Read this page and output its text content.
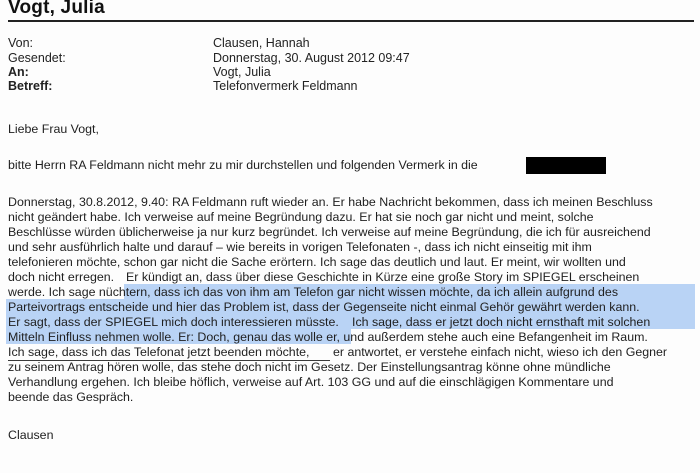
Vogt, Julia
Von:	Clausen, Hannah
Gesendet:	Donnerstag, 30. August 2012 09:47
An:	Vogt, Julia
Betreff:	Telefonvermerk Feldmann
Liebe Frau Vogt,
bitte Herrn RA Feldmann nicht mehr zu mir durchstellen und folgenden Vermerk in die
Donnerstag, 30.8.2012, 9.40: RA Feldmann ruft wieder an. Er habe Nachricht bekommen, dass ich meinen Beschluss
nicht geändert habe. Ich verweise auf meine Begründung dazu. Er hat sie noch gar nicht und meint, solche
Beschlüsse würden üblicherweise ja nur kurz begründet. Ich verweise auf meine Begründung, die ich für ausreichend
und sehr ausführlich halte und darauf – wie bereits in vorigen Telefonaten -, dass ich nicht einseitig mit ihm
telefonieren möchte, schon gar nicht die Sache erörtern. Ich sage das deutlich und laut. Er meint, wir wollten und
doch nicht erregen. Er kündigt an, dass über diese Geschichte in Kürze eine große Story im SPIEGEL erscheinen
werde. Ich sage nüchtern, dass ich das von ihm am Telefon gar nicht wissen möchte, da ich allein aufgrund des
Parteivortrags entscheide und hier das Problem ist, dass der Gegenseite nicht einmal Gehör gewährt werden kann.
Er sagt, dass der SPIEGEL mich doch interessieren müsste. Ich sage, dass er jetzt doch nicht ernsthaft mit solchen
Mitteln Einfluss nehmen wolle. Er: Doch, genau das wolle er, und außerdem stehe auch eine Befangenheit im Raum.
Ich sage, dass ich das Telefonat jetzt beenden möchte, er antwortet, er verstehe einfach nicht, wieso ich den Gegner
zu seinem Antrag hören wolle, das stehe doch nicht im Gesetz. Der Einstellungsantrag könne ohne mündliche
Verhandlung ergehen. Ich bleibe höflich, verweise auf Art. 103 GG und auf die einschlägigen Kommentare und
beende das Gespräch.
Clausen
